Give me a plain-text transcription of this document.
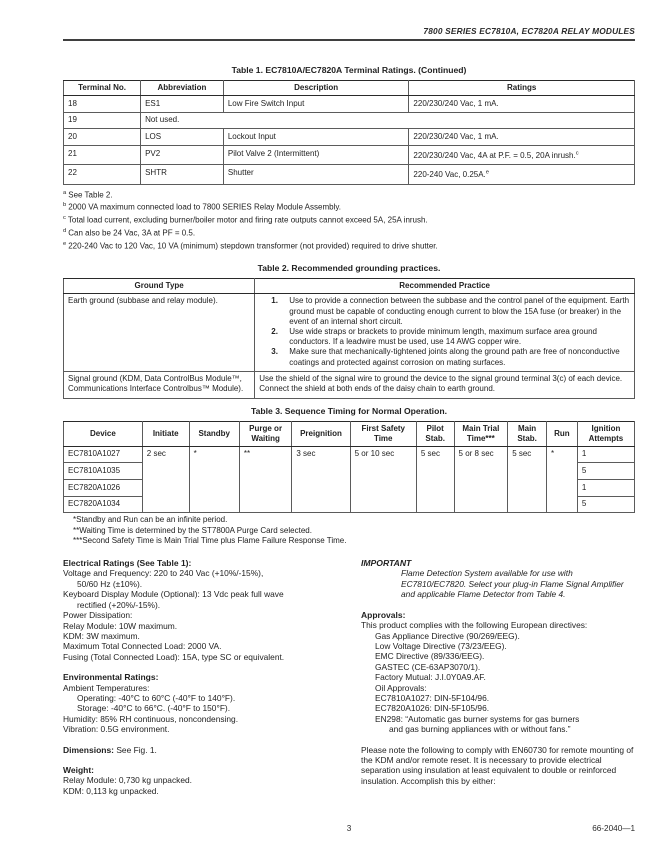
7800 SERIES EC7810A, EC7820A RELAY MODULES
Table 1. EC7810A/EC7820A Terminal Ratings. (Continued)
Terminal No.	Abbreviation	Description	Ratings
18	ES1	Low Fire Switch Input	220/230/240 Vac, 1 mA.
19	Not used.		
20	LOS	Lockout Input	220/230/240 Vac, 1 mA.
21	PV2	Pilot Valve 2 (Intermittent)	220/230/240 Vac, 4A at P.F. = 0.5, 20A inrush.$^c$
22	SHTR	Shutter	220-240 Vac, 0.25A.$^e$
$^a$ See Table 2.
$^b$ 2000 VA maximum connected load to 7800 SERIES Relay Module Assembly.
$^c$ Total load current, excluding burner/boiler motor and firing rate outputs cannot exceed 5A, 25A inrush.
$^d$ Can also be 24 Vac, 3A at PF = 0.5.
$^e$ 220-240 Vac to 120 Vac, 10 VA (minimum) stepdown transformer (not provided) required to drive shutter.
Table 2. Recommended grounding practices.
Ground Type	Recommended Practice
Earth ground (subbase and relay module).	1.	Use to provide a connection between the subbase and the control panel of the equipment. Earth ground must be capable of conducting enough current to blow the 15A fuse (or breaker) in the event of an internal short circuit.
2.	Use wide straps or brackets to provide minimum length, maximum surface area ground conductors. If a leadwire must be used, use 14 AWG copper wire.
3.	Make sure that mechanically-tightened joints along the ground path are free of nonconductive coatings and protected against corrosion on mating surfaces.

Signal ground (KDM, Data ControlBus Module™, Communications Interface Controlbus™ Module).	Use the shield of the signal wire to ground the device to the signal ground terminal 3(c) of each device. Connect the shield at both ends of the daisy chain to earth ground.
Table 3. Sequence Timing for Normal Operation.
Device	Initiate	Standby	Purge or Waiting	Preignition	First Safety Time	Pilot Stab.	Main Trial Time***	Main Stab.	Run	Ignition Attempts
EC7810A1027	2 sec	*	**	3 sec	5 or 10 sec	5 sec	5 or 8 sec	5 sec	*	1
EC7810A1035										5
EC7820A1026										1
EC7820A1034										5
*Standby and Run can be an infinite period.
**Waiting Time is determined by the ST7800A Purge Card selected.
***Second Safety Time is Main Trial Time plus Flame Failure Response Time.
Electrical Ratings (See Table 1):
Voltage and Frequency: 220 to 240 Vac (+10%/-15%),
50/60 Hz (±10%).
Keyboard Display Module (Optional): 13 Vdc peak full wave
rectified (+20%/-15%).
Power Dissipation:
Relay Module: 10W maximum.
KDM: 3W maximum.
Maximum Total Connected Load: 2000 VA.
Fusing (Total Connected Load): 15A, type SC or equivalent.
Environmental Ratings:
Ambient Temperatures:
Operating: -40°C to 60°C (-40°F to 140°F).
Storage: -40°C to 66°C. (-40°F to 150°F).
Humidity: 85% RH continuous, noncondensing.
Vibration: 0.5G environment.
Dimensions: See Fig. 1.
Weight:
Relay Module: 0,730 kg unpacked.
KDM: 0,113 kg unpacked.
IMPORTANT
Flame Detection System available for use with EC7810/EC7820. Select your plug-in Flame Signal Amplifier and applicable Flame Detector from Table 4.
Approvals:
This product complies with the following European directives:
Gas Appliance Directive (90/269/EEG).
Low Voltage Directive (73/23/EEG).
EMC Directive (89/336/EEG).
GASTEC (CE-63AP3070/1).
Factory Mutual: J.I.0Y0A9.AF.
Oil Approvals:
EC7810A1027: DIN-5F104/96.
EC7820A1026: DIN-5F105/96.
EN298: “Automatic gas burner systems for gas burners
and gas burning appliances with or without fans.”
Please note the following to comply with EN60730 for remote mounting of the KDM and/or remote reset. It is necessary to provide electrical separation using insulation at least equivalent to double or reinforced insulation. Accomplish this by either:
3	66-2040—1
